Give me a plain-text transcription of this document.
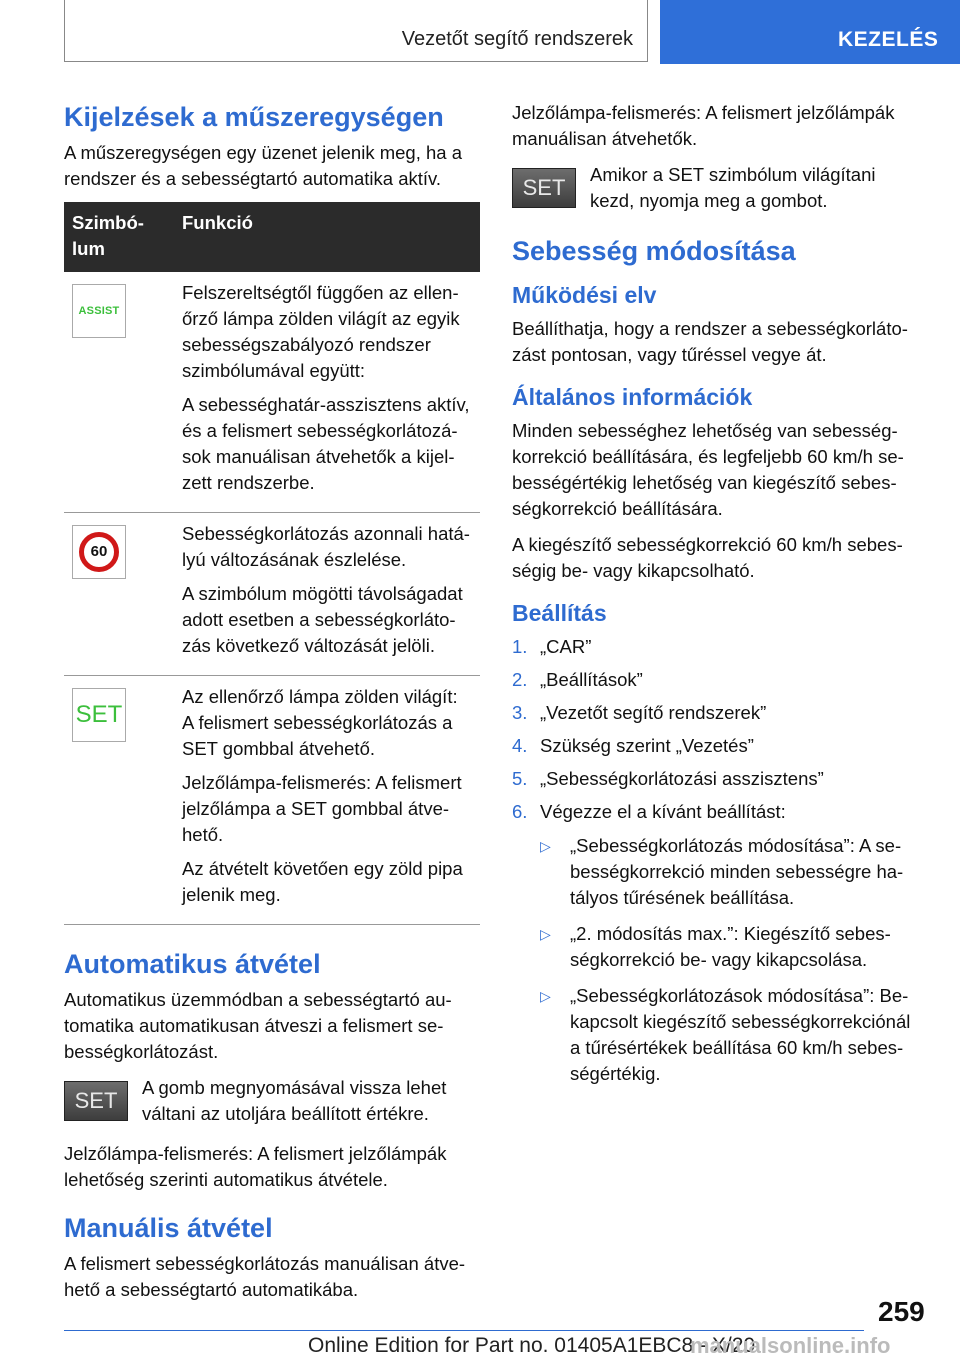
Vezetőt segítő rendszerek	KEZELÉS
Kijelzések a műszeregységen

A műszeregységen egy üzenet jelenik meg, ha a rendszer és a sebességtartó automatika aktív.

Szimbó-
lum	Funkció

ASSIST	Felszereltségtől függően az ellen-őrző lámpa zölden világít az egyik sebességszabályozó rendszer szimbólumával együtt:

A sebességhatár-asszisztens aktív, és a felismert sebességkorlátozá-sok manuálisan átvehetők a kijel-zett rendszerbe.

60	Sebességkorlátozás azonnali hatá-lyú változásának észlelése.

A szimbólum mögötti távolságadat adott esetben a sebességkorláto-zás következő változását jelöli.

SET	Az ellenőrző lámpa zölden világít: A felismert sebességkorlátozás a SET gombbal átvehető.

Jelzőlámpa-felismerés: A felismert jelzőlámpa a SET gombbal átve-hető.

Az átvételt követően egy zöld pipa jelenik meg.

Automatikus átvétel

Automatikus üzemmódban a sebességtartó au-tomatika automatikusan átveszi a felismert se-bességkorlátozást.

SET

A gomb megnyomásával vissza lehet váltani az utoljára beállított értékre.

Jelzőlámpa-felismerés: A felismert jelzőlámpák lehetőség szerinti automatikus átvétele.

Manuális átvétel

A felismert sebességkorlátozás manuálisan átve-hető a sebességtartó automatikába.

Jelzőlámpa-felismerés: A felismert jelzőlámpák manuálisan átvehetők.

SET

Amikor a SET szimbólum világítani kezd, nyomja meg a gombot.

Sebesség módosítása
Működési elv

Beállíthatja, hogy a rendszer a sebességkorláto-zást pontosan, vagy tűréssel vegye át.

Általános információk

Minden sebességhez lehetőség van sebesség-korrekció beállítására, és legfeljebb 60 km/h se-bességértékig lehetőség van kiegészítő sebes-ségkorrekció beállítására.

A kiegészítő sebességkorrekció 60 km/h sebes-ségig be- vagy kikapcsolható.

Beállítás
1. „CAR”
2. „Beállítások”
3. „Vezetőt segítő rendszerek”
4. Szükség szerint „Vezetés”
5. „Sebességkorlátozási asszisztens”
6. Végezze el a kívánt beállítást:
▷ „Sebességkorlátozás módosítása”: A se-bességkorrekció minden sebességre ha-tályos tűrésének beállítása.
▷ „2. módosítás max.”: Kiegészítő sebes-ségkorrekció be- vagy kikapcsolása.
▷ „Sebességkorlátozások módosítása”: Be-kapcsolt kiegészítő sebességkorrekciónál a tűrésértékek beállítása 60 km/h sebes-ségértékig.
259
Online Edition for Part no. 01405A1EBC8 - X/20
manualsonline.info
